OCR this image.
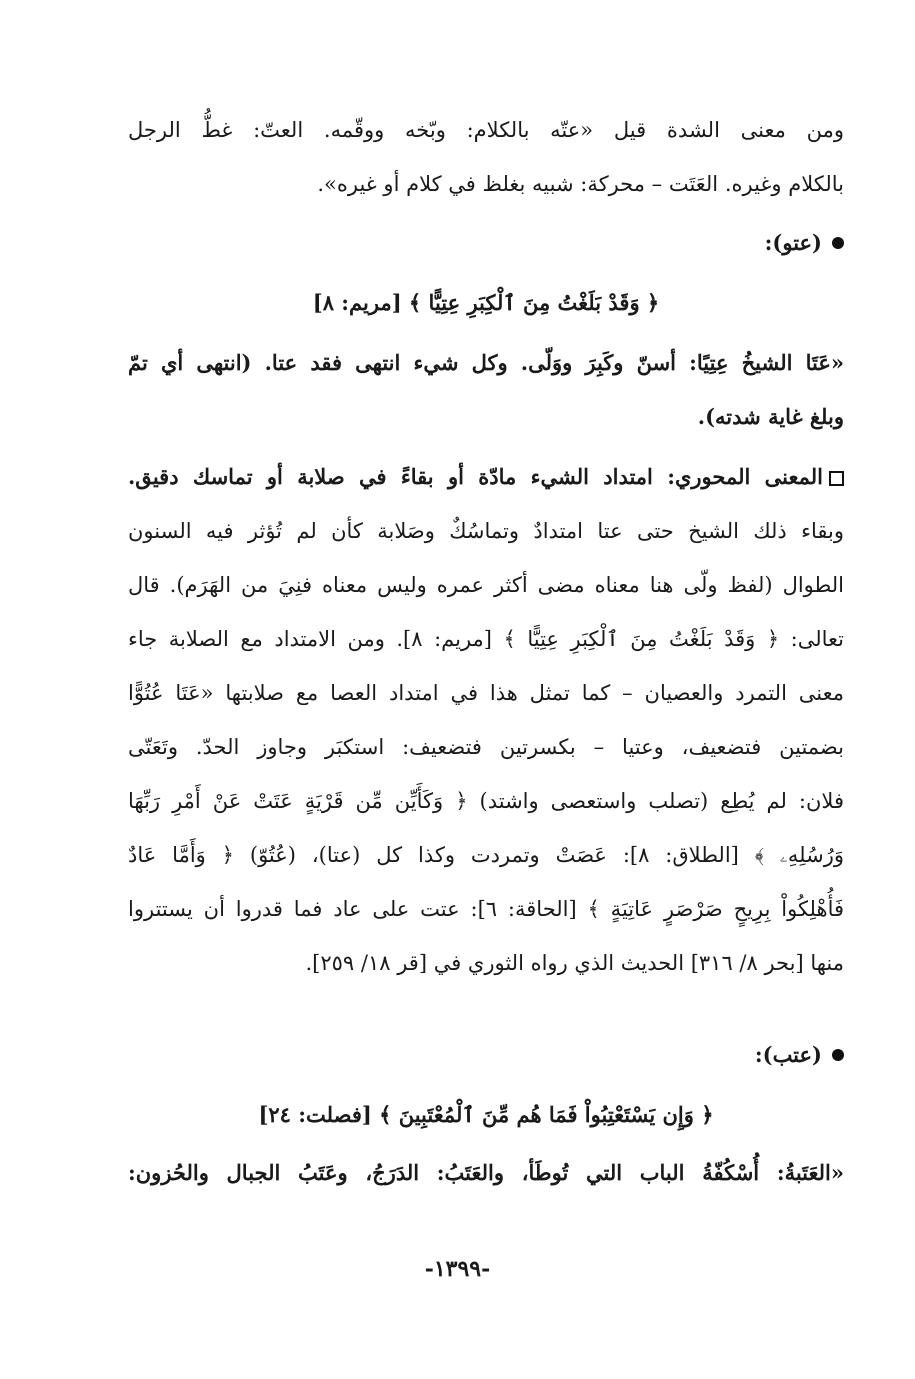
ومن معنى الشدة قيل «عتّه بالكلام: وبّخه ووقّمه. العتّ: غطُّ الرجل
بالكلام وغيره. العَتَت – محركة: شبيه بغلظ في كلام أو غيره».
(عتو):
﴿ وَقَدْ بَلَغْتُ مِنَ ٱلْكِبَرِ عِتِيًّا ﴾ [مريم: ٨]
«عَتَا الشيخُ عِتِيًا: أسنّ وكَبِرَ ووَلّى. وكل شيء انتهى فقد عتا. (انتهى أي تمّ
وبلغ غاية شدته).
المعنى المحوري: امتداد الشيء مادّة أو بقاءً في صلابة أو تماسك دقيق.
وبقاء ذلك الشيخ حتى عتا امتدادٌ وتماسُكٌ وصَلابة كأن لم تُؤثر فيه السنون
الطوال (لفظ ولّى هنا معناه مضى أكثر عمره وليس معناه فنِيَ من الهَرَم). قال
تعالى: ﴿ وَقَدْ بَلَغْتُ مِنَ ٱلْكِبَرِ عِتِيًّا ﴾ [مريم: ٨]. ومن الامتداد مع الصلابة جاء
معنى التمرد والعصيان – كما تمثل هذا في امتداد العصا مع صلابتها «عَتَا عُتُوًّا
بضمتين فتضعيف، وعتيا – بكسرتين فتضعيف: استكبَر وجاوز الحدّ. وتَعَتّى
فلان: لم يُطِع (تصلب واستعصى واشتد) ﴿ وَكَأَيِّن مِّن قَرْيَةٍ عَتَتْ عَنْ أَمْرِ رَبِّهَا
وَرُسُلِهِۦ ﴾ [الطلاق: ٨]: عَصَتْ وتمردت وكذا كل (عتا)، (عُتُوّ) ﴿ وَأَمَّا عَادٌ
فَأُهْلِكُواْ بِرِيحٍ صَرْصَرٍ عَاتِيَةٍ ﴾ [الحاقة: ٦]: عتت على عاد فما قدروا أن يستتروا
منها [بحر ٨/ ٣١٦] الحديث الذي رواه الثوري في [قر ١٨/ ٢٥٩].
(عتب):
﴿ وَإِن يَسْتَعْتِبُواْ فَمَا هُم مِّنَ ٱلْمُعْتَبِينَ ﴾ [فصلت: ٢٤]
«العَتَبةُ: أُسْكُفّةُ الباب التي تُوطَأ، والعَتَبُ: الدَرَجُ، وعَتَبُ الجبال والحُزون:
-١٣٩٩-
